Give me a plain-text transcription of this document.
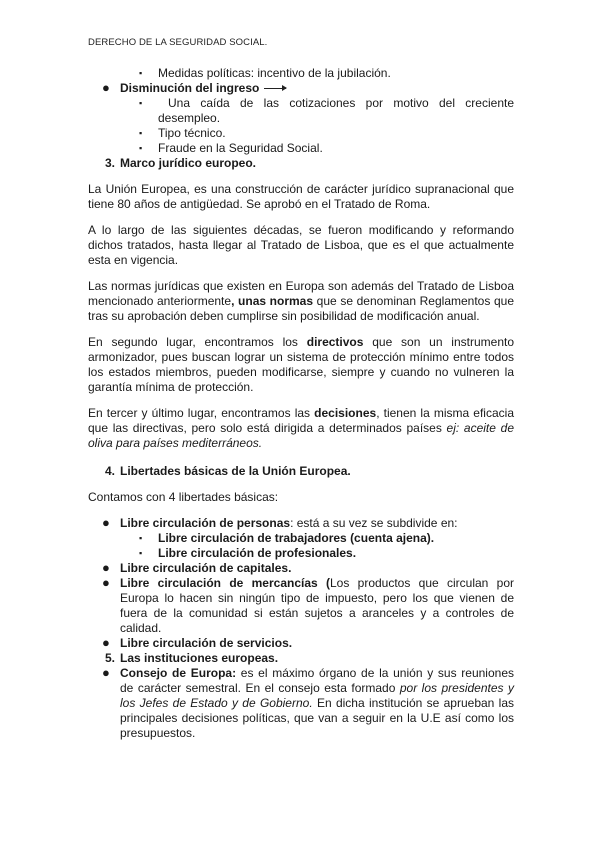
DERECHO DE LA SEGURIDAD SOCIAL.
▪ Medidas políticas: incentivo de la jubilación.
● Disminución del ingreso
▪	Una caída de las cotizaciones por motivo del creciente desempleo.

▪ Tipo técnico.
▪ Fraude en la Seguridad Social.
3. Marco jurídico europeo.

La Unión Europea, es una construcción de carácter jurídico supranacional que tiene 80 años de antigüedad. Se aprobó en el Tratado de Roma.

A lo largo de las siguientes décadas, se fueron modificando y reformando dichos tratados, hasta llegar al Tratado de Lisboa, que es el que actualmente esta en vigencia.

Las normas jurídicas que existen en Europa son además del Tratado de Lisboa mencionado anteriormente, unas normas que se denominan Reglamentos que tras su aprobación deben cumplirse sin posibilidad de modificación anual.

En segundo lugar, encontramos los directivos que son un instrumento armonizador, pues buscan lograr un sistema de protección mínimo entre todos los estados miembros, pueden modificarse, siempre y cuando no vulneren la garantía mínima de protección.

En tercer y último lugar, encontramos las decisiones, tienen la misma eficacia que las directivas, pero solo está dirigida a determinados países ej: aceite de oliva para países mediterráneos.

4. Libertades básicas de la Unión Europea.

Contamos con 4 libertades básicas:

● Libre circulación de personas: está a su vez se subdivide en:
▪ Libre circulación de trabajadores (cuenta ajena).
▪ Libre circulación de profesionales.
● Libre circulación de capitales.
● Libre circulación de mercancías (Los productos que circulan por Europa lo hacen sin ningún tipo de impuesto, pero los que vienen de fuera de la comunidad si están sujetos a aranceles y a controles de calidad.

● Libre circulación de servicios.
5. Las instituciones europeas.
● Consejo de Europa: es el máximo órgano de la unión y sus reuniones de carácter semestral. En el consejo esta formado por los presidentes y los Jefes de Estado y de Gobierno. En dicha institución se aprueban las principales decisiones políticas, que van a seguir en la U.E así como los presupuestos.
